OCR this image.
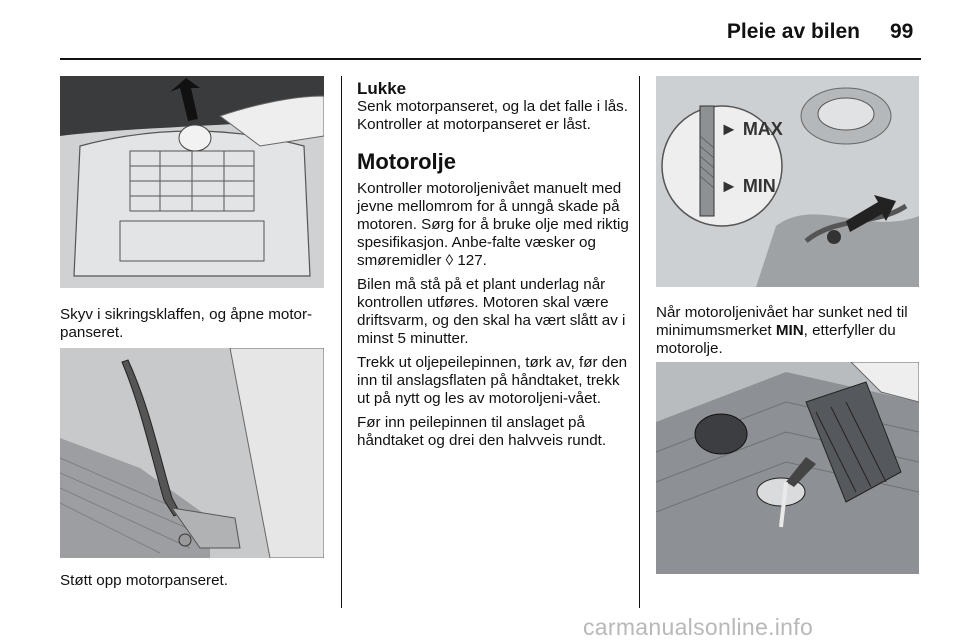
Pleie av bilen 99
Skyv i sikringsklaffen, og åpne motor-panseret.
Støtt opp motorpanseret.
Lukke

Senk motorpanseret, og la det falle i lås. Kontroller at motorpanseret er låst.

Motorolje

Kontroller motoroljenivået manuelt med jevne mellomrom for å unngå skade på motoren. Sørg for å bruke olje med riktig spesifikasjon. Anbe-falte væsker og smøremidler ◊ 127.

Bilen må stå på et plant underlag når kontrollen utføres. Motoren skal være driftsvarm, og den skal ha vært slått av i minst 5 minutter.

Trekk ut oljepeilepinnen, tørk av, før den inn til anslagsflaten på håndtaket, trekk ut på nytt og les av motoroljeni-vået.

Før inn peilepinnen til anslaget på håndtaket og drei den halvveis rundt.

► MAX
► MIN
Når motoroljenivået har sunket ned til minimumsmerket MIN, etterfyller du motorolje.
carmanualsonline.info
